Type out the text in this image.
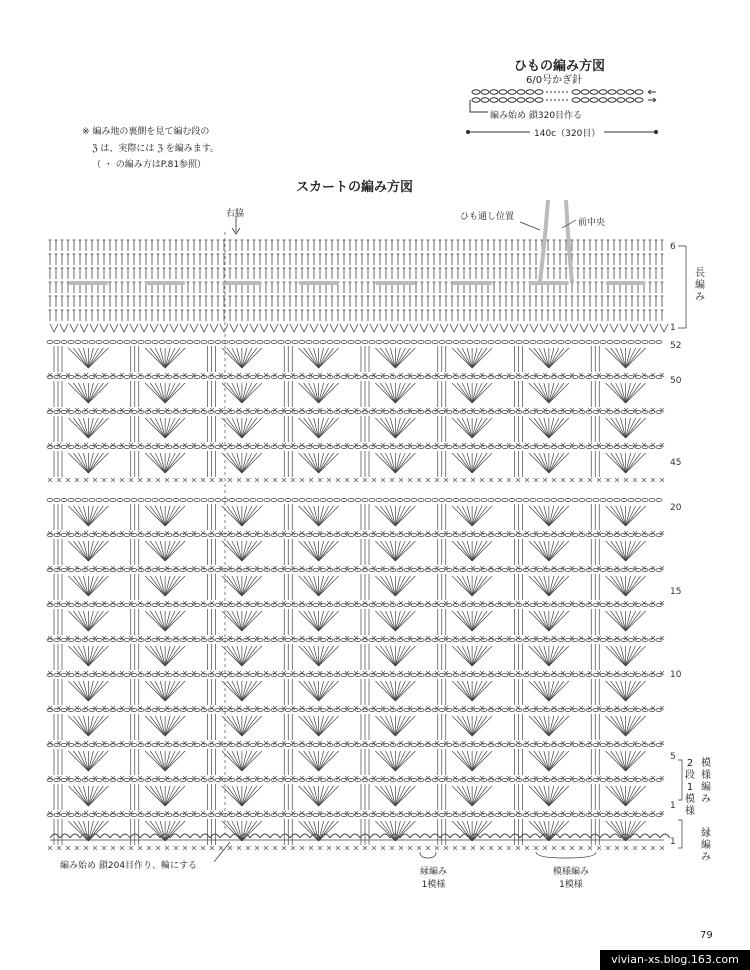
ひもの編み方図
6/0号かぎ針
編み始め 鎖320目作る
140c（320目）
※ 編み地の裏側を見て編む段の
ℨ は、実際には ℨ を編みます。
（ ・ の編み方はP.81参照）
スカートの編み方図
右脇	ひも通し位置
前中央
6
1
52
50
45
20
15
10
5
1
1
長編み
2段1模様
模様編み
縁編み
編み始め 鎖204目作り、輪にする
縁編み
1模様
模様編み
1模様
79
vivian-xs.blog.163.com
